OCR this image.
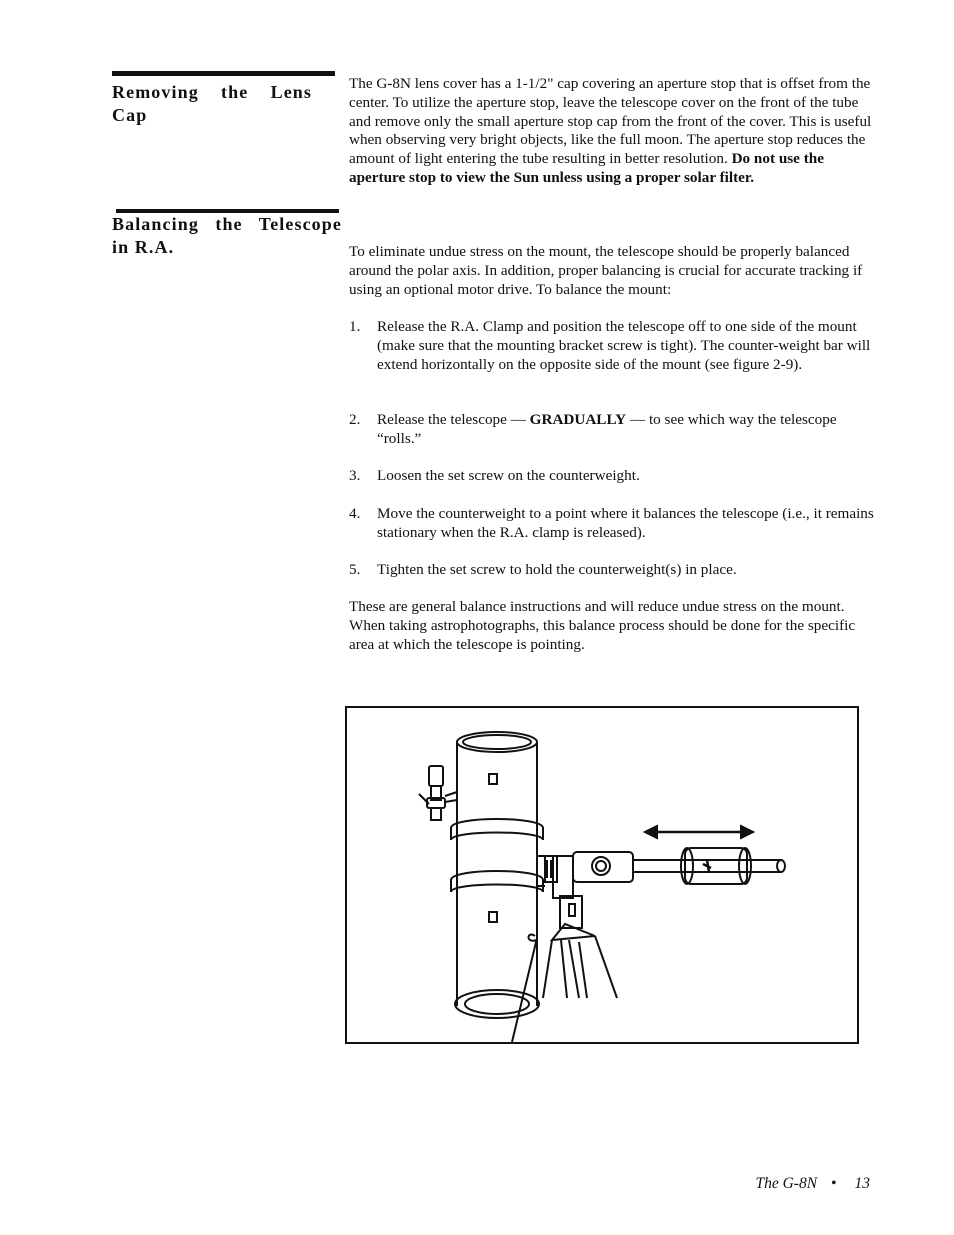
Removing the Lens Cap

The G-8N lens cover has a 1-1/2" cap covering an aperture stop that is offset from the center. To utilize the aperture stop, leave the telescope cover on the front of the tube and remove only the small aperture stop cap from the front of the cover. This is useful when observing very bright objects, like the full moon. The aperture stop reduces the amount of light entering the tube resulting in better resolution. Do not use the aperture stop to view the Sun unless using a proper solar filter.

Balancing the Telescope in R.A.	To eliminate undue stress on the mount, the telescope should be properly balanced around the polar axis. In addition, proper balancing is crucial for accurate tracking if using an optional motor drive. To balance the mount:

1.	Release the R.A. Clamp and position the telescope off to one side of the mount (make sure that the mounting bracket screw is tight). The counter-weight bar will extend horizontally on the opposite side of the mount (see figure 2-9).
2.	Release the telescope — GRADUALLY — to see which way the telescope “rolls.”
3.	Loosen the set screw on the counterweight.
4.	Move the counterweight to a point where it balances the telescope (i.e., it remains stationary when the R.A. clamp is released).
5.	Tighten the set screw to hold the counterweight(s) in place.

These are general balance instructions and will reduce undue stress on the mount. When taking astrophotographs, this balance process should be done for the specific area at which the telescope is pointing.

The G-8N • 13
